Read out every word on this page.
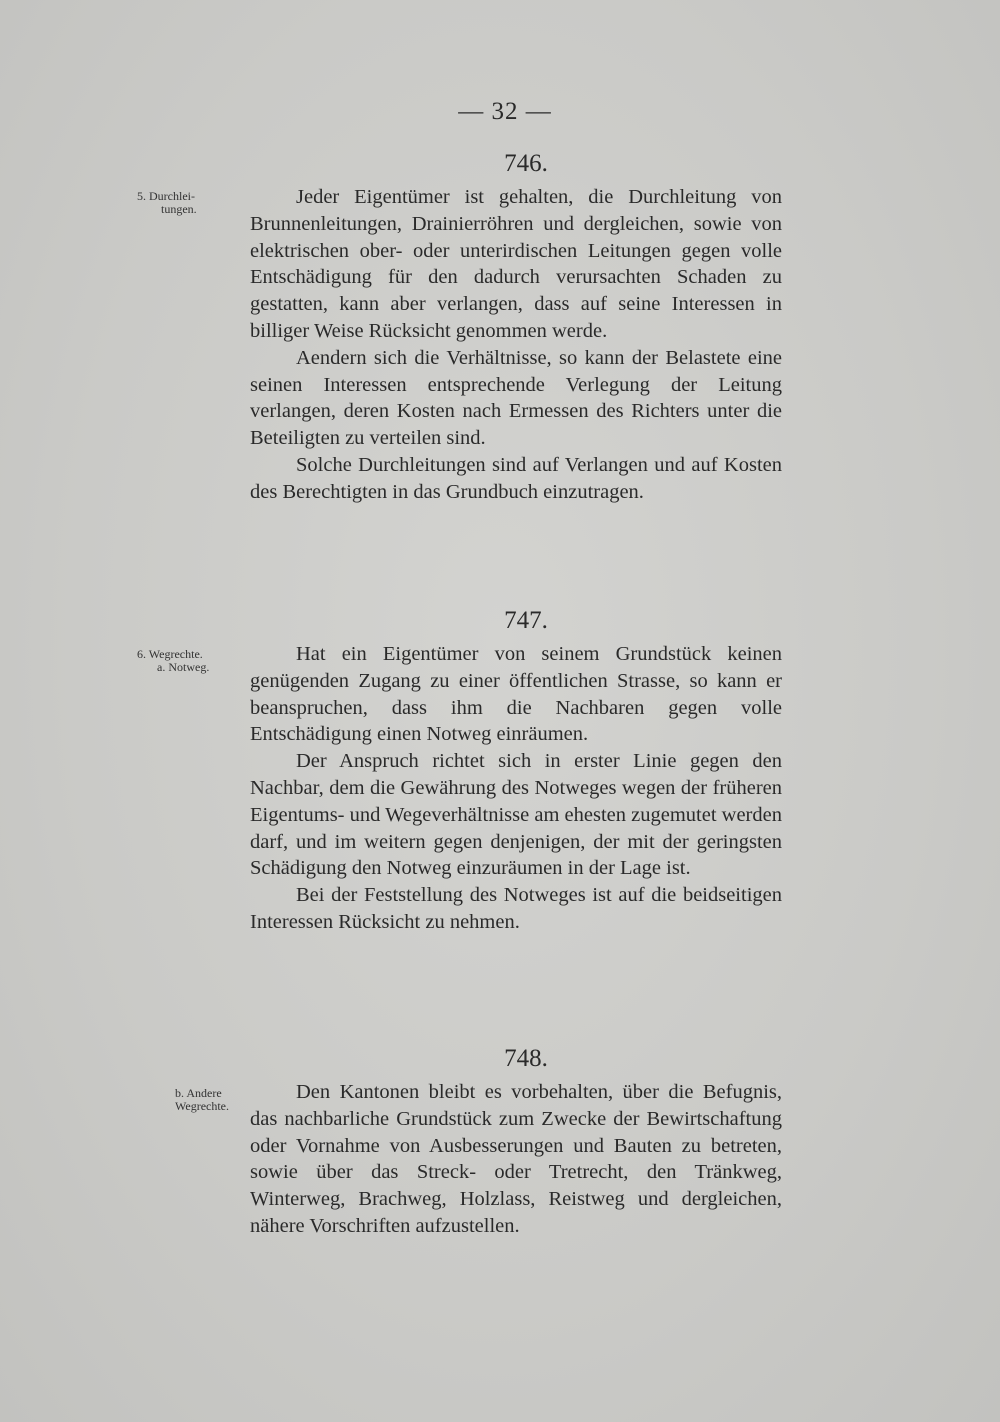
— 32 —
5. Durchlei-
tungen.
746.

Jeder Eigentümer ist gehalten, die Durchleitung von Brunnenleitungen, Drainierröhren und dergleichen, sowie von elektrischen ober- oder unterirdischen Leitungen gegen volle Entschädigung für den dadurch verursachten Schaden zu gestatten, kann aber verlangen, dass auf seine Interessen in billiger Weise Rücksicht genommen werde.

Aendern sich die Verhältnisse, so kann der Belastete eine seinen Interessen entsprechende Verlegung der Leitung verlangen, deren Kosten nach Ermessen des Richters unter die Beteiligten zu verteilen sind.

Solche Durchleitungen sind auf Verlangen und auf Kosten des Berechtigten in das Grundbuch einzutragen.

6. Wegrechte.
a. Notweg.
747.

Hat ein Eigentümer von seinem Grundstück keinen genügenden Zugang zu einer öffentlichen Strasse, so kann er beanspruchen, dass ihm die Nachbaren gegen volle Entschädigung einen Notweg einräumen.

Der Anspruch richtet sich in erster Linie gegen den Nachbar, dem die Gewährung des Notweges wegen der früheren Eigentums- und Wegeverhältnisse am ehesten zugemutet werden darf, und im weitern gegen denjenigen, der mit der geringsten Schädigung den Notweg einzuräumen in der Lage ist.

Bei der Feststellung des Notweges ist auf die beidseitigen Interessen Rücksicht zu nehmen.

b. Andere
Wegrechte.
748.

Den Kantonen bleibt es vorbehalten, über die Befugnis, das nachbarliche Grundstück zum Zwecke der Bewirtschaftung oder Vornahme von Ausbesserungen und Bauten zu betreten, sowie über das Streck- oder Tretrecht, den Tränkweg, Winterweg, Brachweg, Holzlass, Reistweg und dergleichen, nähere Vorschriften aufzustellen.
